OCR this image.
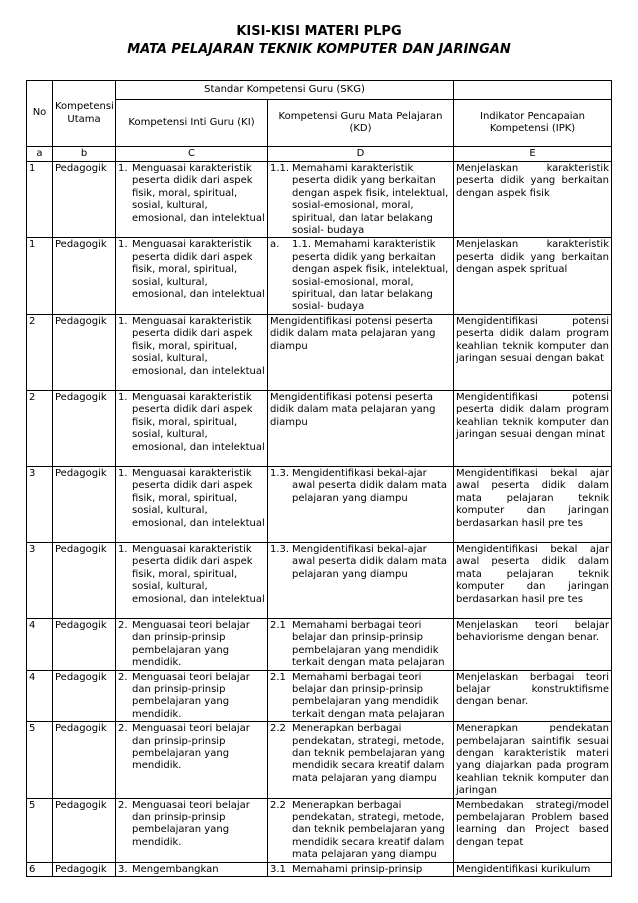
KISI-KISI MATERI PLPG
MATA PELAJARAN TEKNIK KOMPUTER DAN JARINGAN
No	Kompetensi Utama	Standar Kompetensi Guru (SKG)		
		Kompetensi Inti Guru (KI)	Kompetensi Guru Mata Pelajaran (KD)	Indikator Pencapaian Kompetensi (IPK)
a	b	C	D	E
1	Pedagogik	1.	Menguasai karakteristik peserta didik dari aspek fisik, moral, spiritual, sosial, kultural, emosional, dan intelektual	1.1.	Memahami karakteristik peserta didik yang berkaitan dengan aspek fisik, intelektual, sosial-emosional, moral, spiritual, dan latar belakang sosial- budaya	Menjelaskan karakteristik peserta didik yang berkaitan dengan aspek fisik
1	Pedagogik	1.	Menguasai karakteristik peserta didik dari aspek fisik, moral, spiritual, sosial, kultural, emosional, dan intelektual	a.	1.1. Memahami karakteristik peserta didik yang berkaitan dengan aspek fisik, intelektual, sosial-emosional, moral, spiritual, dan latar belakang sosial- budaya	Menjelaskan karakteristik peserta didik yang berkaitan dengan aspek spritual
2	Pedagogik	1.	Menguasai karakteristik peserta didik dari aspek fisik, moral, spiritual, sosial, kultural, emosional, dan intelektual		Mengidentifikasi potensi peserta didik dalam mata pelajaran yang diampu	Mengidentifikasi potensi peserta didik dalam program keahlian teknik komputer dan jaringan sesuai dengan bakat
2	Pedagogik	1.	Menguasai karakteristik peserta didik dari aspek fisik, moral, spiritual, sosial, kultural, emosional, dan intelektual		Mengidentifikasi potensi peserta didik dalam mata pelajaran yang diampu	Mengidentifikasi potensi peserta didik dalam program keahlian teknik komputer dan jaringan sesuai dengan minat
3	Pedagogik	1.	Menguasai karakteristik peserta didik dari aspek fisik, moral, spiritual, sosial, kultural, emosional, dan intelektual	1.3.	Mengidentifikasi bekal-ajar awal peserta didik dalam mata pelajaran yang diampu	Mengidentifikasi bekal ajar awal peserta didik dalam mata pelajaran teknik komputer dan jaringan berdasarkan hasil pre tes
3	Pedagogik	1.	Menguasai karakteristik peserta didik dari aspek fisik, moral, spiritual, sosial, kultural, emosional, dan intelektual	1.3.	Mengidentifikasi bekal-ajar awal peserta didik dalam mata pelajaran yang diampu	Mengidentifikasi bekal ajar awal peserta didik dalam mata pelajaran teknik komputer dan jaringan berdasarkan hasil pre tes
4	Pedagogik	2.	Menguasai teori belajar dan prinsip-prinsip pembelajaran yang mendidik.	2.1	Memahami berbagai teori belajar dan prinsip-prinsip pembelajaran yang mendidik terkait dengan mata pelajaran	Menjelaskan teori belajar behaviorisme dengan benar.
4	Pedagogik	2.	Menguasai teori belajar dan prinsip-prinsip pembelajaran yang mendidik.	2.1	Memahami berbagai teori belajar dan prinsip-prinsip pembelajaran yang mendidik terkait dengan mata pelajaran	Menjelaskan berbagai teori belajar konstruktifisme dengan benar.
5	Pedagogik	2.	Menguasai teori belajar dan prinsip-prinsip pembelajaran yang mendidik.	2.2	Menerapkan berbagai pendekatan, strategi, metode, dan teknik pembelajaran yang mendidik secara kreatif dalam mata pelajaran yang diampu	Menerapkan pendekatan pembelajaran saintifik sesuai dengan karakteristik materi yang diajarkan pada program keahlian teknik komputer dan jaringan
5	Pedagogik	2.	Menguasai teori belajar dan prinsip-prinsip pembelajaran yang mendidik.	2.2	Menerapkan berbagai pendekatan, strategi, metode, dan teknik pembelajaran yang mendidik secara kreatif dalam mata pelajaran yang diampu	Membedakan strategi/model pembelajaran Problem based learning dan Project based dengan tepat
6	Pedagogik	3.	Mengembangkan	3.1	Memahami prinsip-prinsip	Mengidentifikasi kurikulum
